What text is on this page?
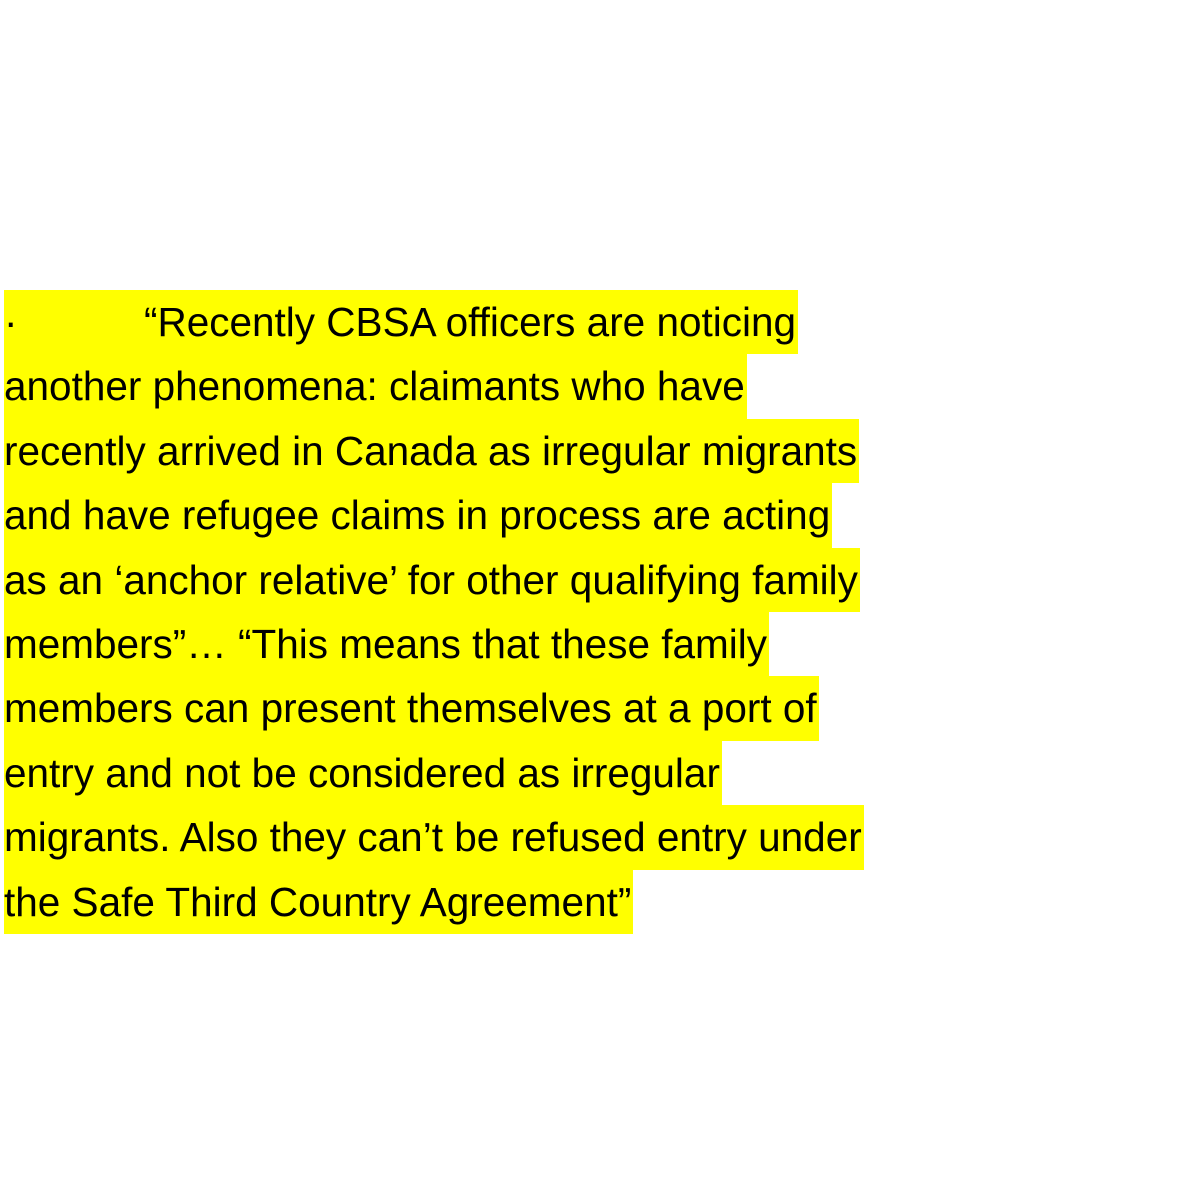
·	“Recently CBSA officers are noticing
another phenomena: claimants who have
recently arrived in Canada as irregular migrants
and have refugee claims in process are acting
as an ‘anchor relative’ for other qualifying family
members”… “This means that these family
members can present themselves at a port of
entry and not be considered as irregular
migrants. Also they can’t be refused entry under
the Safe Third Country Agreement”
